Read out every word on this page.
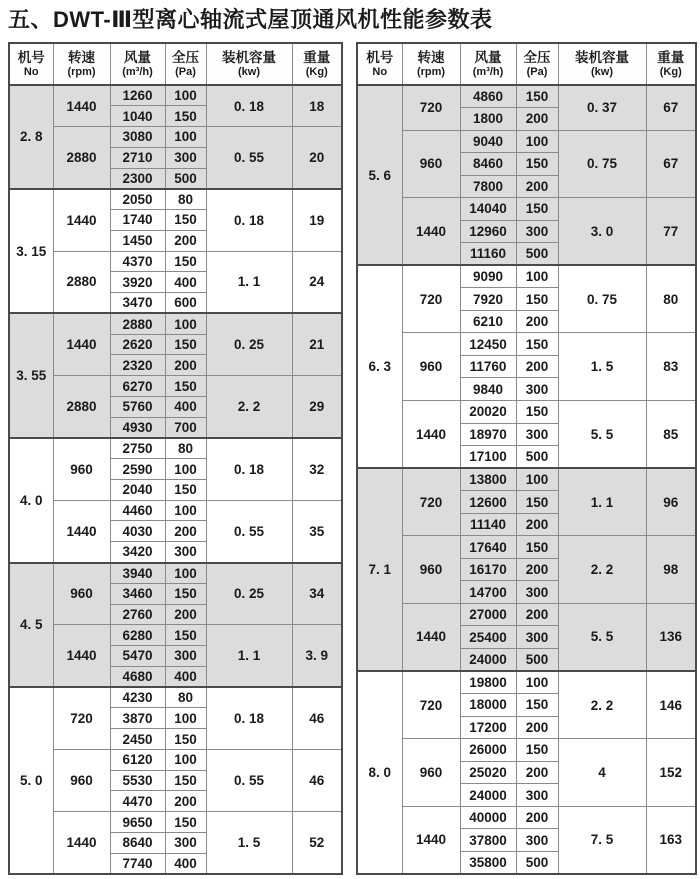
五、DWT-Ⅲ型离心轴流式屋顶通风机性能参数表
机号
No

转速
(rpm)

风量
(m³/h)

全压
(Pa)

装机容量
(kw)

重量
(Kg)

2. 8	1440	1260	100	0. 18	18
		1040	150		
	2880	3080	100	0. 55	20
		2710	300		
		2300	500		
3. 15	1440	2050	80	0. 18	19
		1740	150		
		1450	200		
	2880	4370	150	1. 1	24
		3920	400		
		3470	600		
3. 55	1440	2880	100	0. 25	21
		2620	150		
		2320	200		
	2880	6270	150	2. 2	29
		5760	400		
		4930	700		
4. 0	960	2750	80	0. 18	32
		2590	100		
		2040	150		
	1440	4460	100	0. 55	35
		4030	200		
		3420	300		
4. 5	960	3940	100	0. 25	34
		3460	150		
		2760	200		
	1440	6280	150	1. 1	3. 9
		5470	300		
		4680	400		
5. 0	720	4230	80	0. 18	46
		3870	100		
		2450	150		
	960	6120	100	0. 55	46
		5530	150		
		4470	200		
	1440	9650	150	1. 5	52
		8640	300		
		7740	400		
机号
No

转速
(rpm)

风量
(m³/h)

全压
(Pa)

装机容量
(kw)

重量
(Kg)

5. 6	720	4860	150	0. 37	67
		1800	200		
	960	9040	100	0. 75	67
		8460	150		
		7800	200		
	1440	14040	150	3. 0	77
		12960	300		
		11160	500		
6. 3	720	9090	100	0. 75	80
		7920	150		
		6210	200		
	960	12450	150	1. 5	83
		11760	200		
		9840	300		
	1440	20020	150	5. 5	85
		18970	300		
		17100	500		
7. 1	720	13800	100	1. 1	96
		12600	150		
		11140	200		
	960	17640	150	2. 2	98
		16170	200		
		14700	300		
	1440	27000	200	5. 5	136
		25400	300		
		24000	500		
8. 0	720	19800	100	2. 2	146
		18000	150		
		17200	200		
	960	26000	150	4	152
		25020	200		
		24000	300		
	1440	40000	200	7. 5	163
		37800	300		
		35800	500		
